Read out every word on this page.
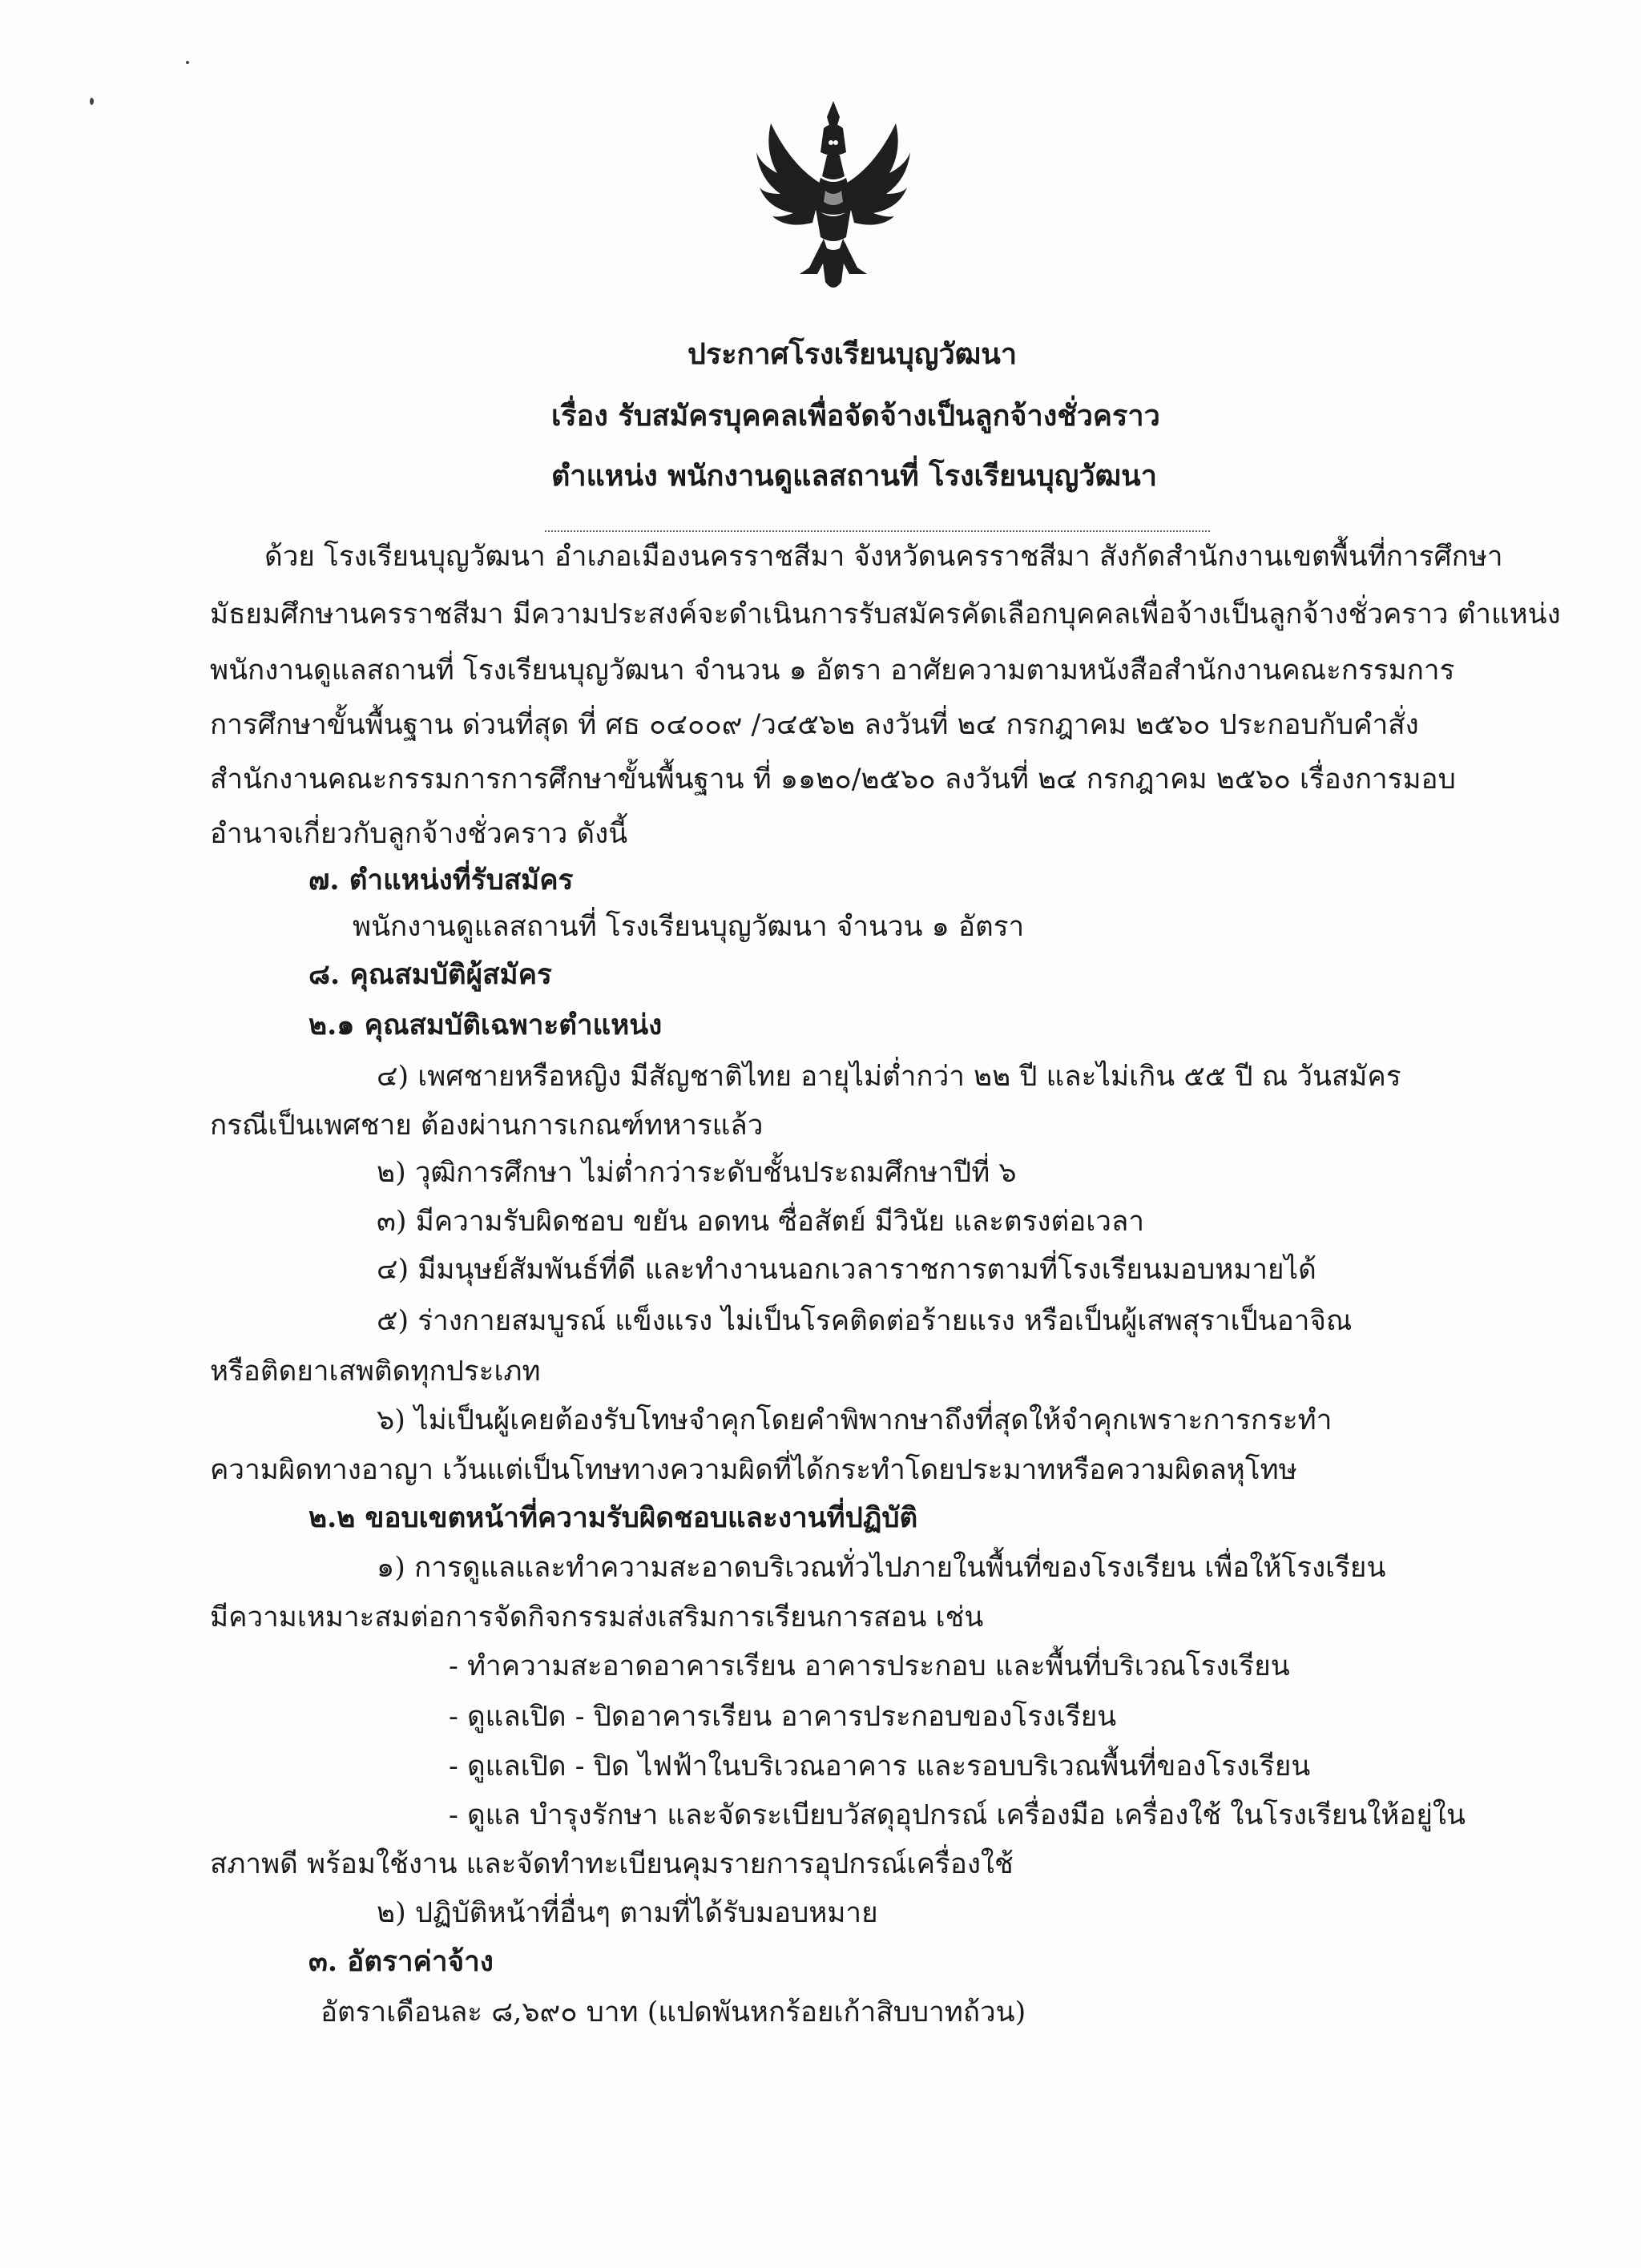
ประกาศโรงเรียนบุญวัฒนา

เรื่อง รับสมัครบุคคลเพื่อจัดจ้างเป็นลูกจ้างชั่วคราว

ตำแหน่ง พนักงานดูแลสถานที่ โรงเรียนบุญวัฒนา

ด้วย โรงเรียนบุญวัฒนา อำเภอเมืองนครราชสีมา จังหวัดนครราชสีมา สังกัดสำนักงานเขตพื้นที่การศึกษา

มัธยมศึกษานครราชสีมา มีความประสงค์จะดำเนินการรับสมัครคัดเลือกบุคคลเพื่อจ้างเป็นลูกจ้างชั่วคราว ตำแหน่ง

พนักงานดูแลสถานที่ โรงเรียนบุญวัฒนา จำนวน ๑ อัตรา อาศัยความตามหนังสือสำนักงานคณะกรรมการ

การศึกษาขั้นพื้นฐาน ด่วนที่สุด ที่ ศธ ๐๔๐๐๙ /ว๔๕๖๒ ลงวันที่ ๒๔ กรกฎาคม ๒๕๖๐ ประกอบกับคำสั่ง

สำนักงานคณะกรรมการการศึกษาขั้นพื้นฐาน ที่ ๑๑๒๐/๒๕๖๐ ลงวันที่ ๒๔ กรกฎาคม ๒๕๖๐ เรื่องการมอบ

อำนาจเกี่ยวกับลูกจ้างชั่วคราว ดังนี้

๗. ตำแหน่งที่รับสมัคร

พนักงานดูแลสถานที่ โรงเรียนบุญวัฒนา จำนวน ๑ อัตรา

๘. คุณสมบัติผู้สมัคร

๒.๑ คุณสมบัติเฉพาะตำแหน่ง

๔) เพศชายหรือหญิง มีสัญชาติไทย อายุไม่ต่ำกว่า ๒๒ ปี และไม่เกิน ๕๕ ปี ณ วันสมัคร

กรณีเป็นเพศชาย ต้องผ่านการเกณฑ์ทหารแล้ว

๒) วุฒิการศึกษา ไม่ต่ำกว่าระดับชั้นประถมศึกษาปีที่ ๖

๓) มีความรับผิดชอบ ขยัน อดทน ซื่อสัตย์ มีวินัย และตรงต่อเวลา

๔) มีมนุษย์สัมพันธ์ที่ดี และทำงานนอกเวลาราชการตามที่โรงเรียนมอบหมายได้

๕) ร่างกายสมบูรณ์ แข็งแรง ไม่เป็นโรคติดต่อร้ายแรง หรือเป็นผู้เสพสุราเป็นอาจิณ

หรือติดยาเสพติดทุกประเภท

๖) ไม่เป็นผู้เคยต้องรับโทษจำคุกโดยคำพิพากษาถึงที่สุดให้จำคุกเพราะการกระทำ

ความผิดทางอาญา เว้นแต่เป็นโทษทางความผิดที่ได้กระทำโดยประมาทหรือความผิดลหุโทษ

๒.๒ ขอบเขตหน้าที่ความรับผิดชอบและงานที่ปฏิบัติ

๑) การดูแลและทำความสะอาดบริเวณทั่วไปภายในพื้นที่ของโรงเรียน เพื่อให้โรงเรียน

มีความเหมาะสมต่อการจัดกิจกรรมส่งเสริมการเรียนการสอน เช่น

- ทำความสะอาดอาคารเรียน อาคารประกอบ และพื้นที่บริเวณโรงเรียน

- ดูแลเปิด - ปิดอาคารเรียน อาคารประกอบของโรงเรียน

- ดูแลเปิด - ปิด ไฟฟ้าในบริเวณอาคาร และรอบบริเวณพื้นที่ของโรงเรียน

- ดูแล บำรุงรักษา และจัดระเบียบวัสดุอุปกรณ์ เครื่องมือ เครื่องใช้ ในโรงเรียนให้อยู่ใน

สภาพดี พร้อมใช้งาน และจัดทำทะเบียนคุมรายการอุปกรณ์เครื่องใช้

๒) ปฏิบัติหน้าที่อื่นๆ ตามที่ได้รับมอบหมาย

๓. อัตราค่าจ้าง

อัตราเดือนละ ๘,๖๙๐ บาท (แปดพันหกร้อยเก้าสิบบาทถ้วน)
